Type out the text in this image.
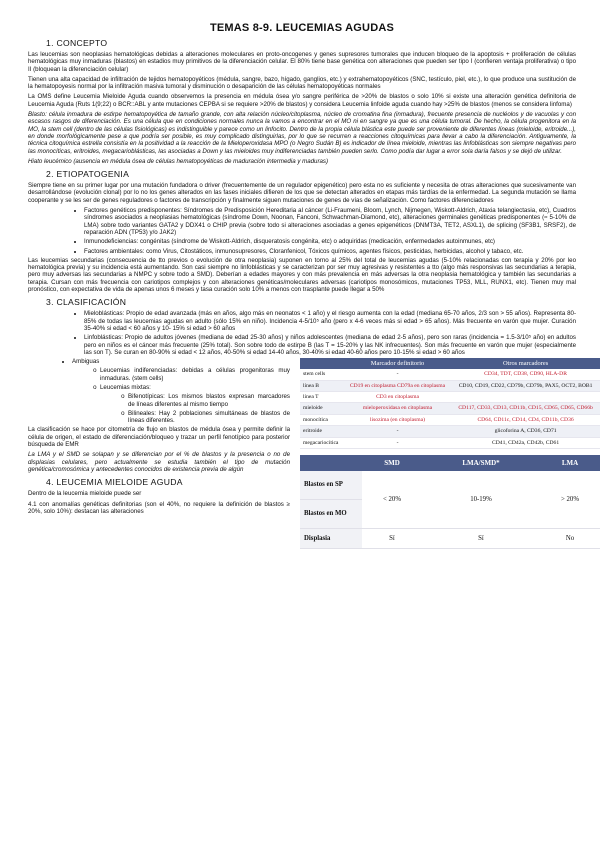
TEMAS 8-9. LEUCEMIAS AGUDAS
1. CONCEPTO

Las leucemias son neoplasias hematológicas debidas a alteraciones moleculares en proto-oncogenes y genes supresores tumorales que inducen bloqueo de la apoptosis + proliferación de células hematológicas muy inmaduras (blastos) en estadios muy primitivos de la diferenciación celular. El 80% tiene base genética con alteraciones que pueden ser tipo I (confieren ventaja proliferativa) o tipo II (bloquean la diferenciación celular)

Tienen una alta capacidad de infiltración de tejidos hematopoyéticos (médula, sangre, bazo, hígado, ganglios, etc.) y extrahematopoyéticos (SNC, testículo, piel, etc.), lo que produce una sustitución de la hematopoyesis normal por la infiltración masiva tumoral y disminución o desaparición de las células hematopoyéticas normales

La OMS define Leucemia Mieloide Aguda cuando observemos la presencia en médula ósea y/o sangre periférica de >20% de blastos o solo 10% si existe una alteración genética definitoria de Leucemia Aguda (Ruts 1(9;22) o BCR::ABL y ante mutaciones CEPBA si se requiere >20% de blastos) y considera Leucemia linfoide aguda cuando hay >25% de blastos (menos se considera linfoma)

Blasto: célula inmadura de estirpe hematopoyética de tamaño grande, con alta relación núcleo/citoplasma, núcleo de cromatina fina (inmadura), frecuente presencia de nucléolos y de vacuolas y con escasos rasgos de diferenciación. Es una célula que en condiciones normales nunca la vamos a encontrar en el MO ni en sangre ya que es una célula tumoral. De hecho, la célula progenitora en la MO, la stem cell (dentro de las células fisiológicas) es indistinguible y parece como un linfocito. Dentro de la propia célula blástica este puede ser proveniente de diferentes líneas (mieloide, eritroide...), en donde morfológicamente pese a que podría ser posible, es muy complicado distinguirlas, por lo que se recurren a reacciones citoquímicas para llevar a cabo la diferenciación. Antiguamente, la técnica citoquímica estrella consistía en la positividad a la reacción de la Mieloperoxidasa MPO (o Negro Sudán B) es indicador de línea mieloide, mientras las linfoblásticas son siempre negativas pero las monocíticas, eritroides, megacarioblásticas, las asociadas a Down y las mieloides muy indiferenciadas también pueden serlo. Como podía dar lugar a error sola daría falsos y se dejó de utilizar.

Hiato leucémico (ausencia en médula ósea de células hematopoyéticas de maduración intermedia y maduras)

2. ETIOPATOGENIA

Siempre tiene en su primer lugar por una mutación fundadora o driver (frecuentemente de un regulador epigenético) pero esta no es suficiente y necesita de otras alteraciones que sucesivamente van desarrollándose (evolución clonal) por lo no los genes alterados en las fases iniciales difieren de los que se detectan alterados en etapas más tardías de la enfermedad. La segunda mutación se llama cooperante y se les ser de genes reguladores o factores de transcripción y finalmente siguen mutaciones de genes de vías de señalización. Como factores diferenciadores

• Factores genéticos predisponentes: Síndromes de Predisposición Hereditaria al cáncer (Li-Fraumeni, Bloom, Lynch, Nijmegen, Wiskott-Aldrich, Ataxia telangiectasia, etc), Cuadros síndromes asociados a neoplasias hematológicas (síndrome Down, Noonan, Fanconi, Schwachman-Diamond, etc), alteraciones germinales genéticas predisponentes (≈ 5-10% de LMA) sobre todo variantes GATA2 y DDX41 o CHIP previa (sobre todo si alteraciones asociadas a genes epigenéticos (DNMT3A, TET2, ASXL1), de splicing (SF3B1, SRSF2), de reparación ADN (TP53) y/o JAK2)
• Inmunodeficiencias: congénitas (síndrome de Wiskott-Aldrich, disqueratosis congénita, etc) o adquiridas (medicación, enfermedades autoinmunes, etc)
• Factores ambientales: como Virus, Citostáticos, inmunosupresores, Cloranfenicol, Tóxicos químicos, agentes físicos, pesticidas, herbicidas, alcohol y tabaco, etc.

Las leucemias secundarias (consecuencia de tto previos o evolución de otra neoplasia) suponen en torno al 25% del total de leucemias agudas (5-10% relacionadas con terapia y 20% por leo hematológica previa) y su incidencia está aumentando. Son casi siempre no linfoblásticas y se caracterizan por ser muy agresivas y resistentes a tto (algo más responsivas las secundarias a terapia, pero muy adversas las secundarias a NMPC y sobre todo a SMD). Deberían a edades mayores y con más prevalencia en más adversas la otra neoplasia hematológica y también las secundarias a terapia. Cursan con más frecuencia con cariotipos complejos y con alteraciones genéticas/moleculares adversas (cariotipos monosómicos, mutaciones TP53, MLL, RUNX1, etc). Tienen muy mal pronóstico, con expectativa de vida de apenas unos 6 meses y tasa curación solo 10% a menos con trasplante puede llegar a 50%

3. CLASIFICACIÓN
• Mieloblásticas: Propio de edad avanzada (más en años, algo más en neonatos < 1 año) y el riesgo aumenta con la edad (mediana 65-70 años, 2/3 son > 55 años). Representa 80-85% de todas las leucemias agudas en adulto (sólo 15% en niño). Incidencia 4-5/10⁵ año (pero x 4-6 veces más si edad > 65 años). Más frecuente en varón que mujer. Curación 35-40% si edad < 60 años y 10- 15% si edad > 60 años
• Linfoblásticas: Propio de adultos jóvenes (mediana de edad 25-30 años) y niños adolescentes (mediana de edad 2-5 años), pero son raras (incidencia = 1.5-3/10⁵ año) en adultos pero en niños es el cáncer más frecuente (25% total). Son sobre todo de estirpe B (las T = 15-20% y las NK infrecuentes). Son más frecuente en varón que mujer (especialmente las son T). Se curan en 80-90% si edad < 12 años, 40-50% si edad 14-40 años, 30-40% si edad 40-60 años pero 10-15% si edad > 60 años
• Ambiguas
o Leucemias indiferenciadas: debidas a células progenitoras muy inmaduras. (stem cells)
o Leucemias mixtas:
o Bifenotípicas: Los mismos blastos expresan marcadores de líneas diferentes al mismo tiempo
o Bilineales: Hay 2 poblaciones simultáneas de blastos de líneas diferentes.

La clasificación se hace por citometría de flujo en blastos de médula ósea y permite definir la célula de origen, el estado de diferenciación/bloqueo y trazar un perfil fenotípico para posterior búsqueda de EMR

La LMA y el SMD se solapan y se diferencian por el % de blastos y la presencia o no de displasias celulares, pero actualmente se estudia también el tipo de mutación genética/cromosómica y antecedentes conocidos de existencia previa de algún

4. LEUCEMIA MIELOIDE AGUDA

Dentro de la leucemia mieloide puede ser

4.1 con anomalías genéticas definitorias (son el 40%, no requiere la definición de blastos ≥ 20%, solo 10%): destacan las alteraciones

	Marcador definitorio	Otros marcadores
stem cells	-	CD34, TDT, CD38, CD90, HLA-DR
línea B	CD19 en citoplasma CD79a en citoplasma	CD10, CD19, CD22, CD79b, CD79b, PAX5, OCT2, BOB1
línea T	CD3 en citoplasma	
mieloide	mieloperoxidasa en citoplasma	CD117, CD33, CD13, CD11b, CD15, CD65, CD65, CD66b
monocítica	lisozima (en citoplasma)	CD64, CD11c, CD14, CD4, CD11b, CD36
eritroide	-	glicoforina A, CD36, CD71
megacariocítica	-	CD41, CD42a, CD42b, CD61
	SMD	LMA/SMD*	LMA
Blastos en SP	< 20%	10-19%	> 20%
Blastos en MO			
Displasia	Sí	Sí	No
